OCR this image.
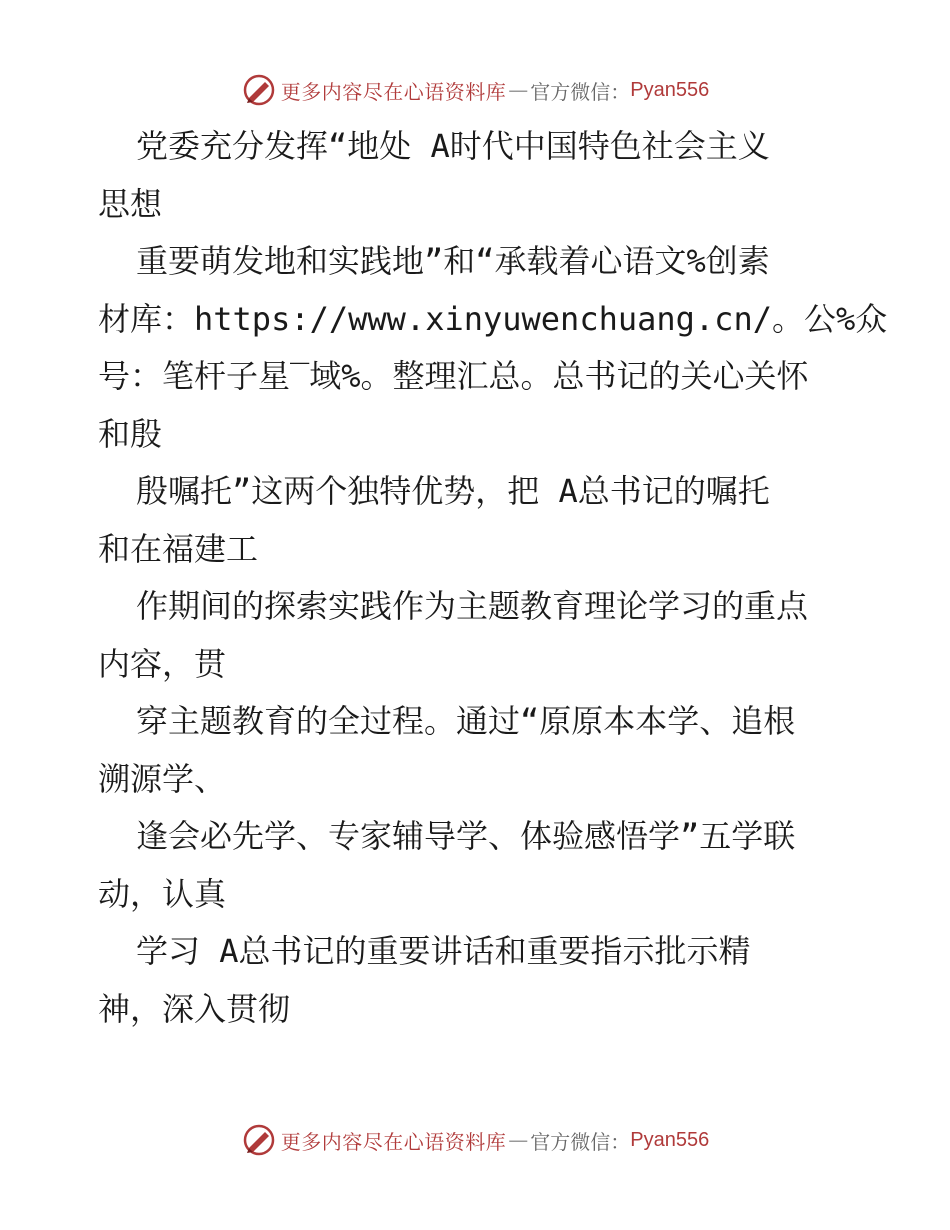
更多内容尽在心语资料库 — 官方微信： Pyan556
党委充分发挥“地处 A时代中国特色社会主义
思想
重要萌发地和实践地”和“承载着心语文%创素
材库：https://www.xinyuwenchuang.cn/。公%众
号：笔杆子星‾域%。整理汇总。总书记的关心关怀
和殷
殷嘱托”这两个独特优势，把 A总书记的嘱托
和在福建工
作期间的探索实践作为主题教育理论学习的重点
内容，贯
穿主题教育的全过程。通过“原原本本学、追根
溯源学、
逢会必先学、专家辅导学、体验感悟学”五学联
动，认真
学习 A总书记的重要讲话和重要指示批示精
神，深入贯彻
更多内容尽在心语资料库 — 官方微信： Pyan556
